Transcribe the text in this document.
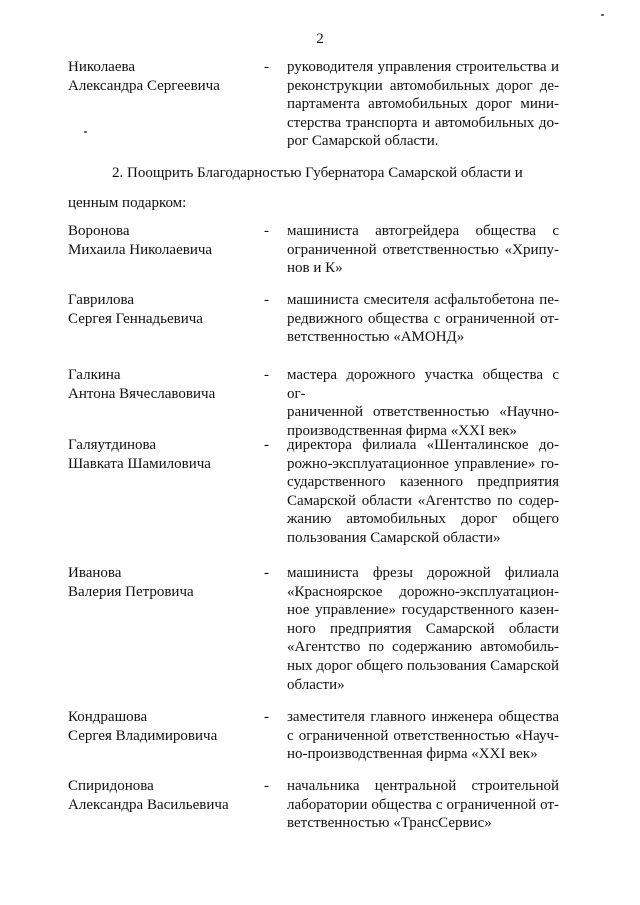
2
Николаева
Александра Сергеевича
- руководителя управления строительства и
реконструкции автомобильных дорог де-
партамента автомобильных дорог мини-
стерства транспорта и автомобильных до-
рог Самарской области.
2. Поощрить Благодарностью Губернатора Самарской области и
ценным подарком:
Воронова
Михаила Николаевича
- машиниста автогрейдера общества с
ограниченной ответственностью «Хрипу-
нов и К»
Гаврилова
Сергея Геннадьевича
- машиниста смесителя асфальтобетона пе-
редвижного общества с ограниченной от-
ветственностью «АМОНД»
Галкина
Антона Вячеславовича
- мастера дорожного участка общества с ог-
раниченной ответственностью «Научно-
производственная фирма «XXI век»
Галяутдинова
Шавката Шамиловича
- директора филиала «Шенталинское до-
рожно-эксплуатационное управление» го-
сударственного казенного предприятия
Самарской области «Агентство по содер-
жанию автомобильных дорог общего
пользования Самарской области»
Иванова
Валерия Петровича
- машиниста фрезы дорожной филиала
«Красноярское дорожно-эксплуатацион-
ное управление» государственного казен-
ного предприятия Самарской области
«Агентство по содержанию автомобиль-
ных дорог общего пользования Самарской
области»
Кондрашова
Сергея Владимировича
- заместителя главного инженера общества
с ограниченной ответственностью «Науч-
но-производственная фирма «XXI век»
Спиридонова
Александра Васильевича
- начальника центральной строительной
лаборатории общества с ограниченной от-
ветственностью «ТрансСервис»
